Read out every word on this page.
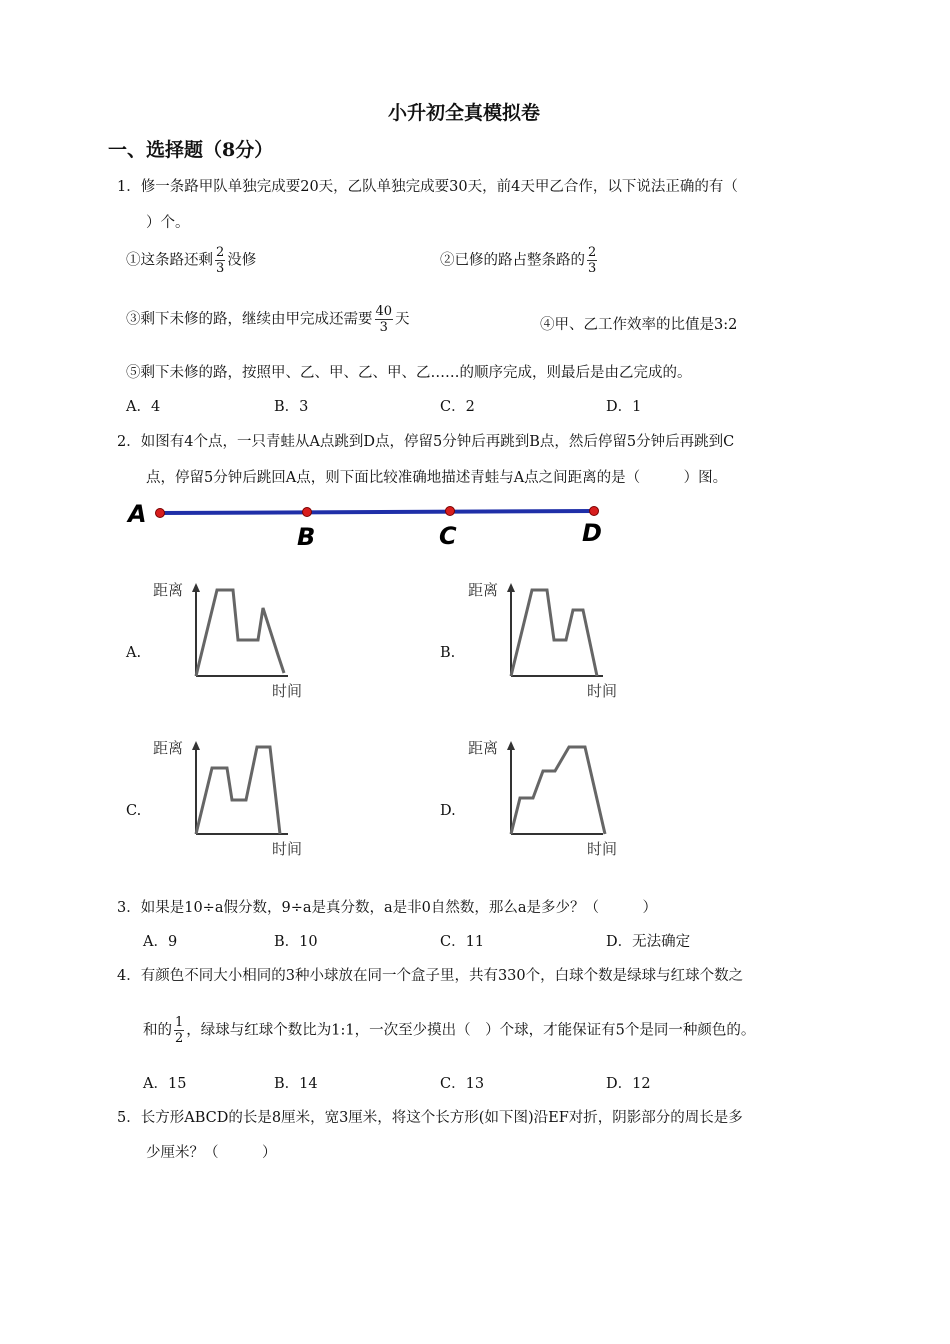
小升初全真模拟卷
一、选择题（8分）
1．修一条路甲队单独完成要20天，乙队单独完成要30天，前4天甲乙合作，以下说法正确的有（
）个。
①这条路还剩 $\frac{2}{3}$ 没修	②已修的路占整条路的 $\frac{2}{3}$
③剩下未修的路，继续由甲完成还需要 $\frac{40}{3}$ 天	④甲、乙工作效率的比值是3:2
⑤剩下未修的路，按照甲、乙、甲、乙、甲、乙……的顺序完成，则最后是由乙完成的。
A．4	B．3	C．2	D．1
2．如图有4个点，一只青蛙从A点跳到D点，停留5分钟后再跳到B点，然后停留5分钟后再跳到C
点，停留5分钟后跳回A点，则下面比较准确地描述青蛙与A点之间距离的是（　　　）图。
A
B	C	D
A.	B.
C.	D.
距离
时间
距离
时间
距离
时间
距离
时间
3．如果是10÷a假分数，9÷a是真分数，a是非0自然数，那么a是多少？（　　　）
A．9	B．10	C．11	D．无法确定
4．有颜色不同大小相同的3种小球放在同一个盒子里，共有330个，白球个数是绿球与红球个数之
和的 $\frac{1}{2}$ ，绿球与红球个数比为1:1，一次至少摸出（　）个球，才能保证有5个是同一种颜色的。
A．15	B．14	C．13	D．12
5．长方形ABCD的长是8厘米，宽3厘米，将这个长方形(如下图)沿EF对折，阴影部分的周长是多
少厘米？（　　　）
